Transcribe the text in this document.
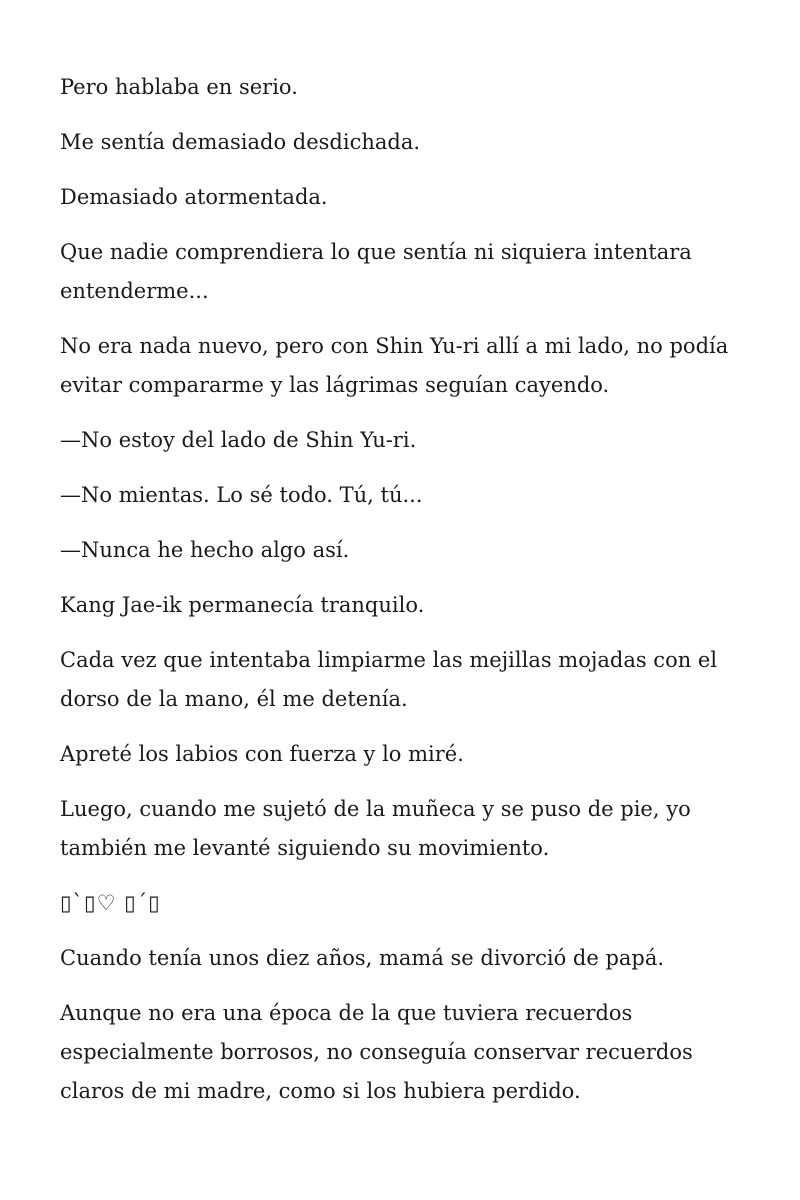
Pero hablaba en serio.

Me sentía demasiado desdichada.

Demasiado atormentada.

Que nadie comprendiera lo que sentía ni siquiera intentara entenderme...

No era nada nuevo, pero con Shin Yu-ri allí a mi lado, no podía evitar compararme y las lágrimas seguían cayendo.

—No estoy del lado de Shin Yu-ri.

—No mientas. Lo sé todo. Tú, tú...

—Nunca he hecho algo así.

Kang Jae-ik permanecía tranquilo.

Cada vez que intentaba limpiarme las mejillas mojadas con el dorso de la mano, él me detenía.

Apreté los labios con fuerza y lo miré.

Luego, cuando me sujetó de la muñeca y se puso de pie, yo también me levanté siguiendo su movimiento.

▯`▯♡ ▯´▯

Cuando tenía unos diez años, mamá se divorció de papá.

Aunque no era una época de la que tuviera recuerdos especialmente borrosos, no conseguía conservar recuerdos claros de mi madre, como si los hubiera perdido.
